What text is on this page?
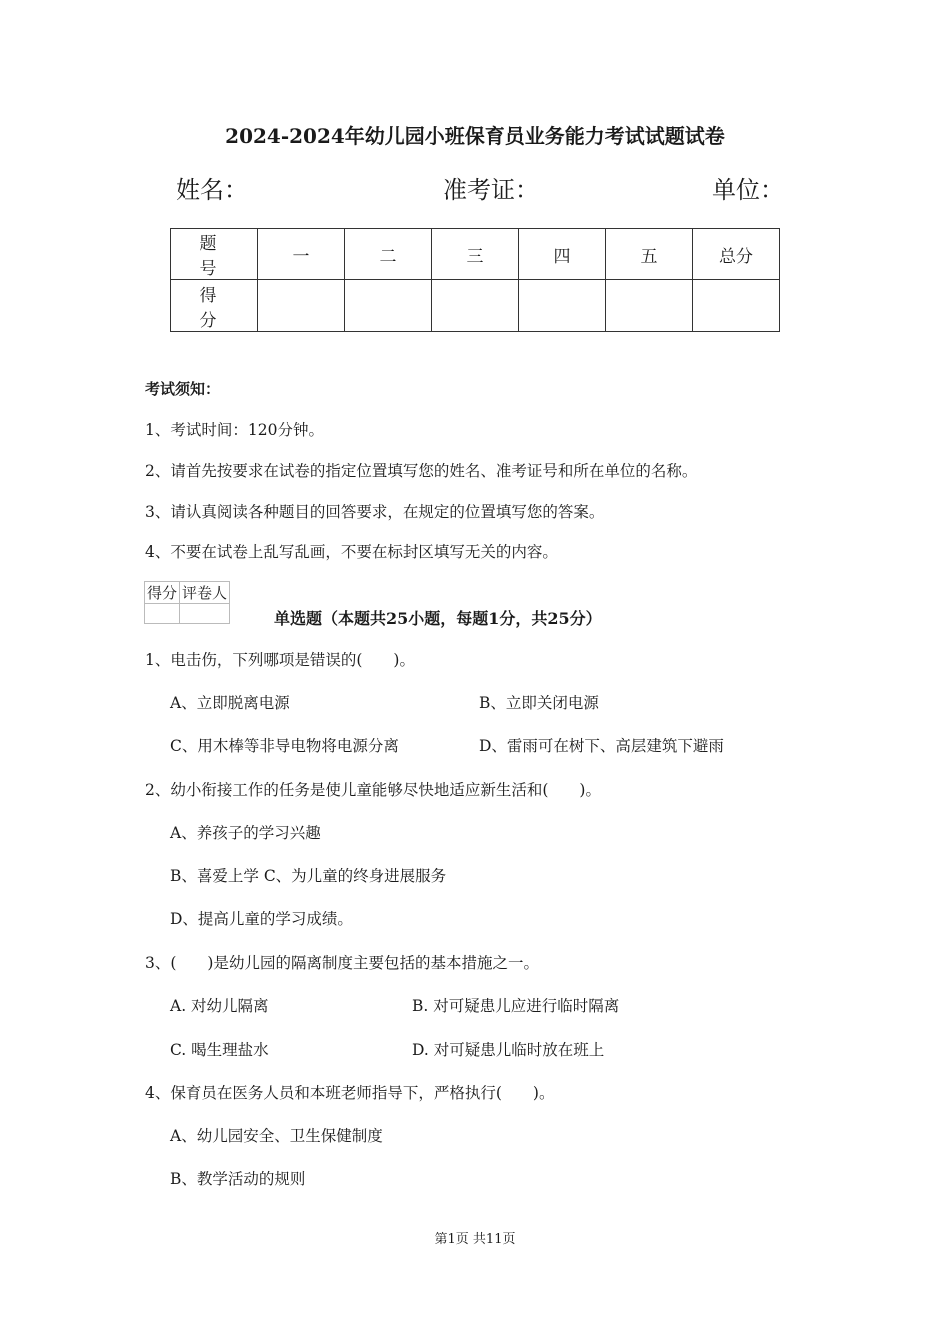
2024-2024年幼儿园小班保育员业务能力考试试题试卷
姓名：	准考证：	单位：
题　号	一	二	三	四	五	总分
得　分						
考试须知：
1、考试时间：120分钟。
2、请首先按要求在试卷的指定位置填写您的姓名、准考证号和所在单位的名称。
3、请认真阅读各种题目的回答要求，在规定的位置填写您的答案。
4、不要在试卷上乱写乱画，不要在标封区填写无关的内容。
得分	评卷人

单选题（本题共25小题，每题1分，共25分）
1、电击伤，下列哪项是错误的(　　)。
A、立即脱离电源	B、立即关闭电源
C、用木棒等非导电物将电源分离	D、雷雨可在树下、高层建筑下避雨
2、幼小衔接工作的任务是使儿童能够尽快地适应新生活和(　　)。
A、养孩子的学习兴趣
B、喜爱上学 C、为儿童的终身进展服务
D、提高儿童的学习成绩。
3、(　　)是幼儿园的隔离制度主要包括的基本措施之一。
A. 对幼儿隔离	B. 对可疑患儿应进行临时隔离
C. 喝生理盐水	D. 对可疑患儿临时放在班上
4、保育员在医务人员和本班老师指导下，严格执行(　　)。
A、幼儿园安全、卫生保健制度
B、教学活动的规则
第1页 共11页
